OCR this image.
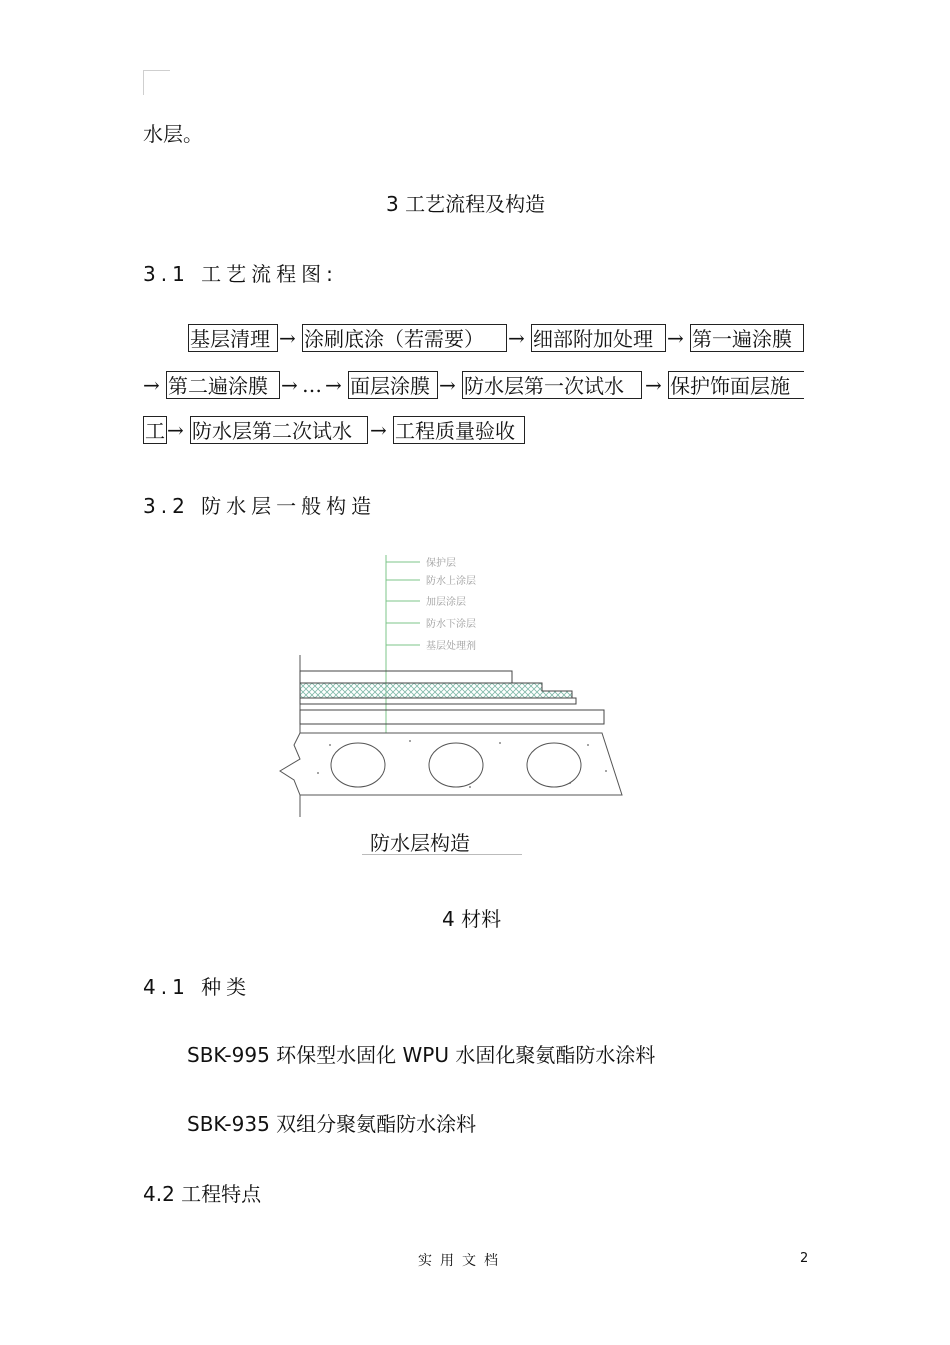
水层。
3 工艺流程及构造
3.1 工艺流程图:
基层清理 → 涂刷底涂（若需要）	→ 细部附加处理 → 第一遍涂膜
→ 第二遍涂膜 → … → 面层涂膜 → 防水层第一次试水	→ 保护饰面层施
工 → 防水层第二次试水 → 工程质量验收
3.2 防水层一般构造
保护层
防水上涂层
加层涂层
防水下涂层
基层处理剂
防水层构造
4 材料
4.1 种类
SBK-995 环保型水固化 WPU 水固化聚氨酯防水涂料
SBK-935 双组分聚氨酯防水涂料
4.2 工程特点
实用文档	2
